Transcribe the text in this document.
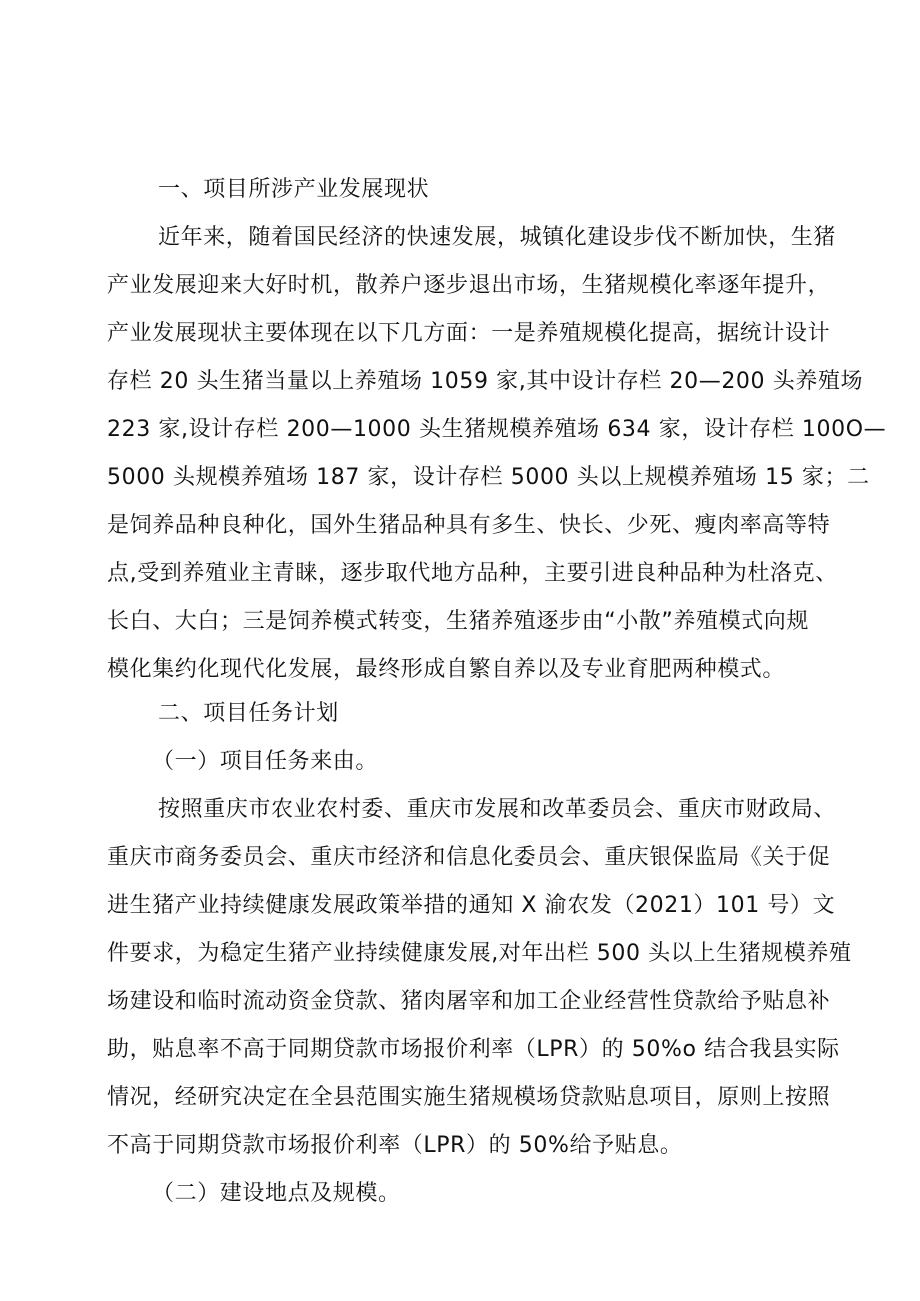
一、项目所涉产业发展现状
近年来，随着国民经济的快速发展，城镇化建设步伐不断加快，生猪
产业发展迎来大好时机，散养户逐步退出市场，生猪规模化率逐年提升，
产业发展现状主要体现在以下几方面：一是养殖规模化提高，据统计设计
存栏 20 头生猪当量以上养殖场 1059 家,其中设计存栏 20—200 头养殖场
223 家,设计存栏 200—1000 头生猪规模养殖场 634 家，设计存栏 100O—
5000 头规模养殖场 187 家，设计存栏 5000 头以上规模养殖场 15 家；二
是饲养品种良种化，国外生猪品种具有多生、快长、少死、瘦肉率高等特
点,受到养殖业主青睐，逐步取代地方品种，主要引进良种品种为杜洛克、
长白、大白；三是饲养模式转变，生猪养殖逐步由“小散”养殖模式向规
模化集约化现代化发展，最终形成自繁自养以及专业育肥两种模式。
二、项目任务计划
（一）项目任务来由。
按照重庆市农业农村委、重庆市发展和改革委员会、重庆市财政局、
重庆市商务委员会、重庆市经济和信息化委员会、重庆银保监局《关于促
进生猪产业持续健康发展政策举措的通知 X 渝农发（2021）101 号）文
件要求，为稳定生猪产业持续健康发展,对年出栏 500 头以上生猪规模养殖
场建设和临时流动资金贷款、猪肉屠宰和加工企业经营性贷款给予贴息补
助，贴息率不高于同期贷款市场报价利率（LPR）的 50%o 结合我县实际
情况，经研究决定在全县范围实施生猪规模场贷款贴息项目，原则上按照
不高于同期贷款市场报价利率（LPR）的 50%给予贴息。
（二）建设地点及规模。
